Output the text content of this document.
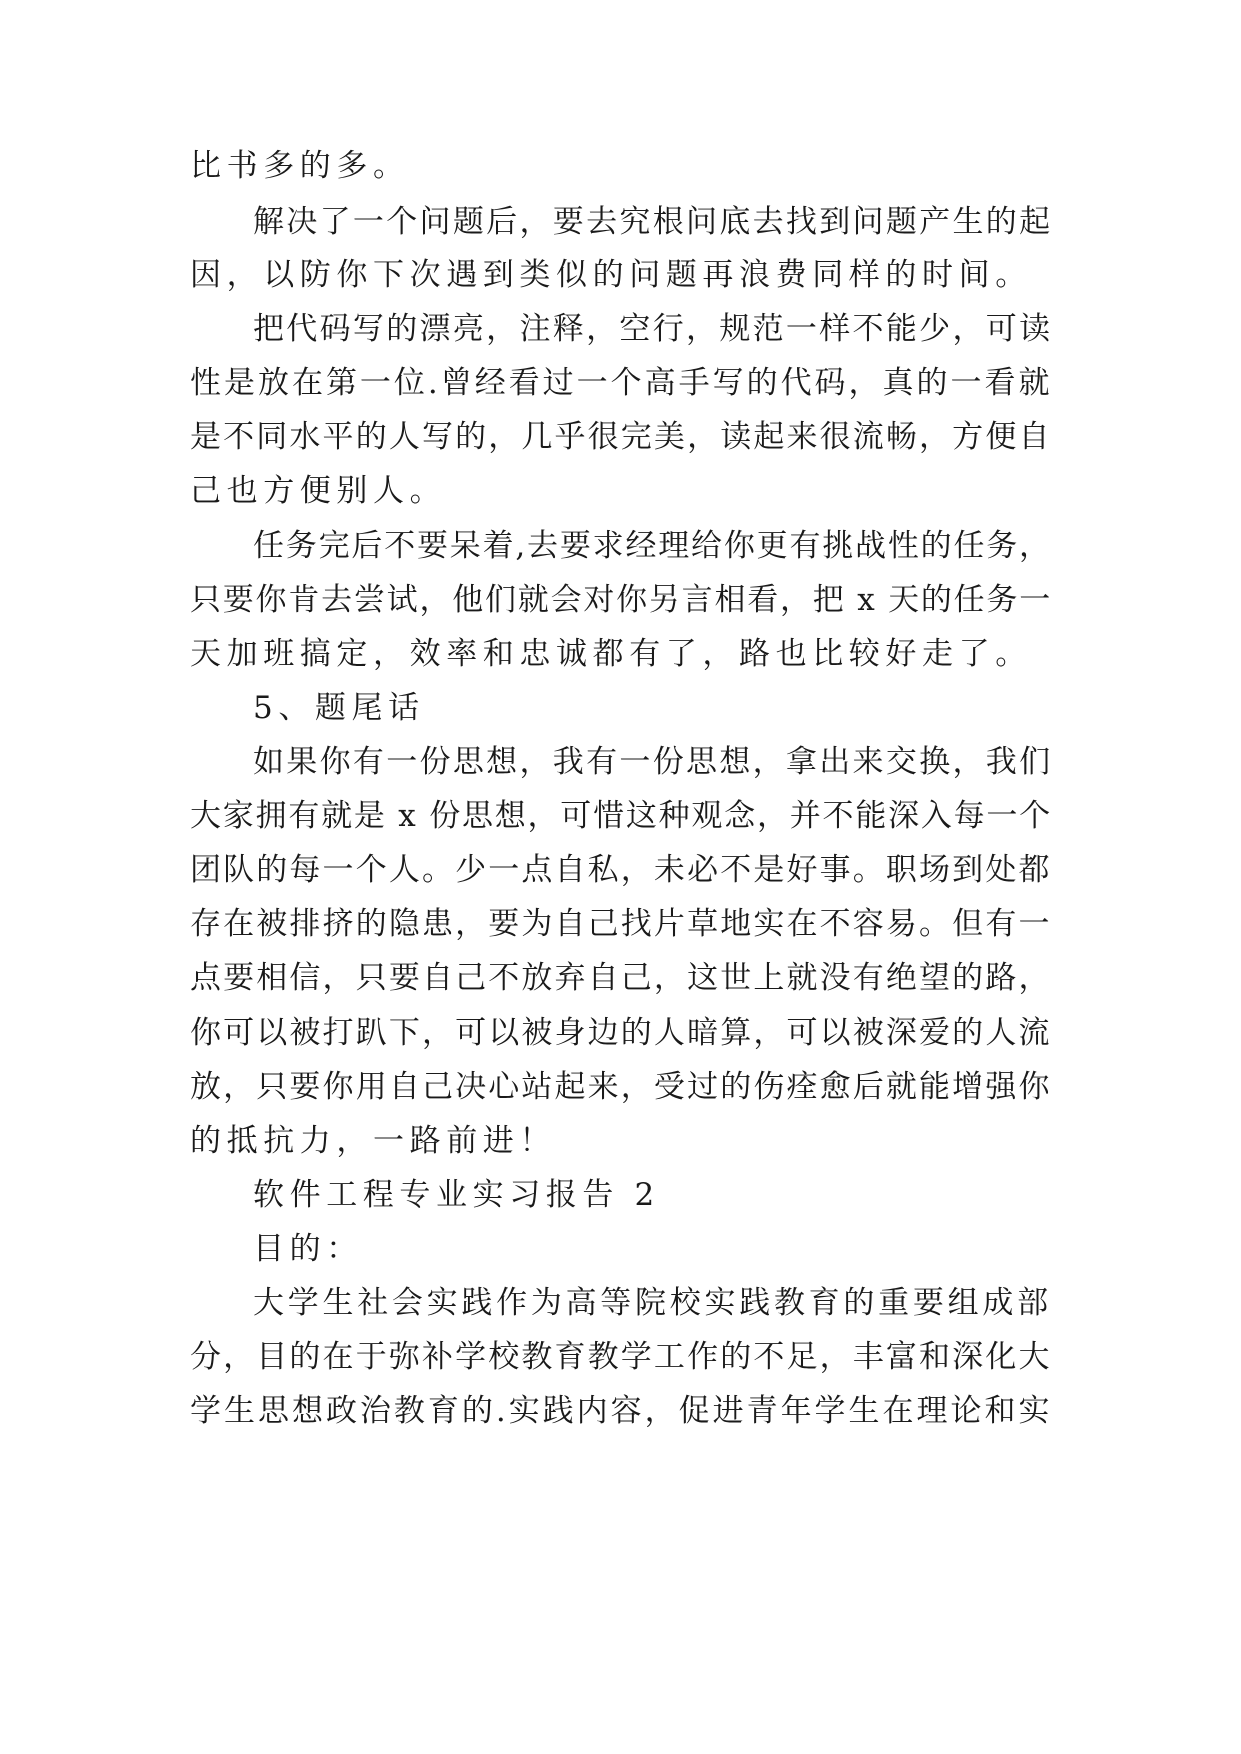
比书多的多。
解决了一个问题后，要去究根问底去找到问题产生的起
因，以防你下次遇到类似的问题再浪费同样的时间。
把代码写的漂亮，注释，空行，规范一样不能少，可读
性是放在第一位.曾经看过一个高手写的代码，真的一看就
是不同水平的人写的，几乎很完美，读起来很流畅，方便自
己也方便别人。
任务完后不要呆着,去要求经理给你更有挑战性的任务，
只要你肯去尝试，他们就会对你另言相看，把 x 天的任务一
天加班搞定，效率和忠诚都有了，路也比较好走了。
5、题尾话
如果你有一份思想，我有一份思想，拿出来交换，我们
大家拥有就是 x 份思想，可惜这种观念，并不能深入每一个
团队的每一个人。少一点自私，未必不是好事。职场到处都
存在被排挤的隐患，要为自己找片草地实在不容易。但有一
点要相信，只要自己不放弃自己，这世上就没有绝望的路，
你可以被打趴下，可以被身边的人暗算，可以被深爱的人流
放，只要你用自己决心站起来，受过的伤痊愈后就能增强你
的抵抗力，一路前进！
软件工程专业实习报告 2
目的：
大学生社会实践作为高等院校实践教育的重要组成部
分，目的在于弥补学校教育教学工作的不足，丰富和深化大
学生思想政治教育的.实践内容，促进青年学生在理论和实
